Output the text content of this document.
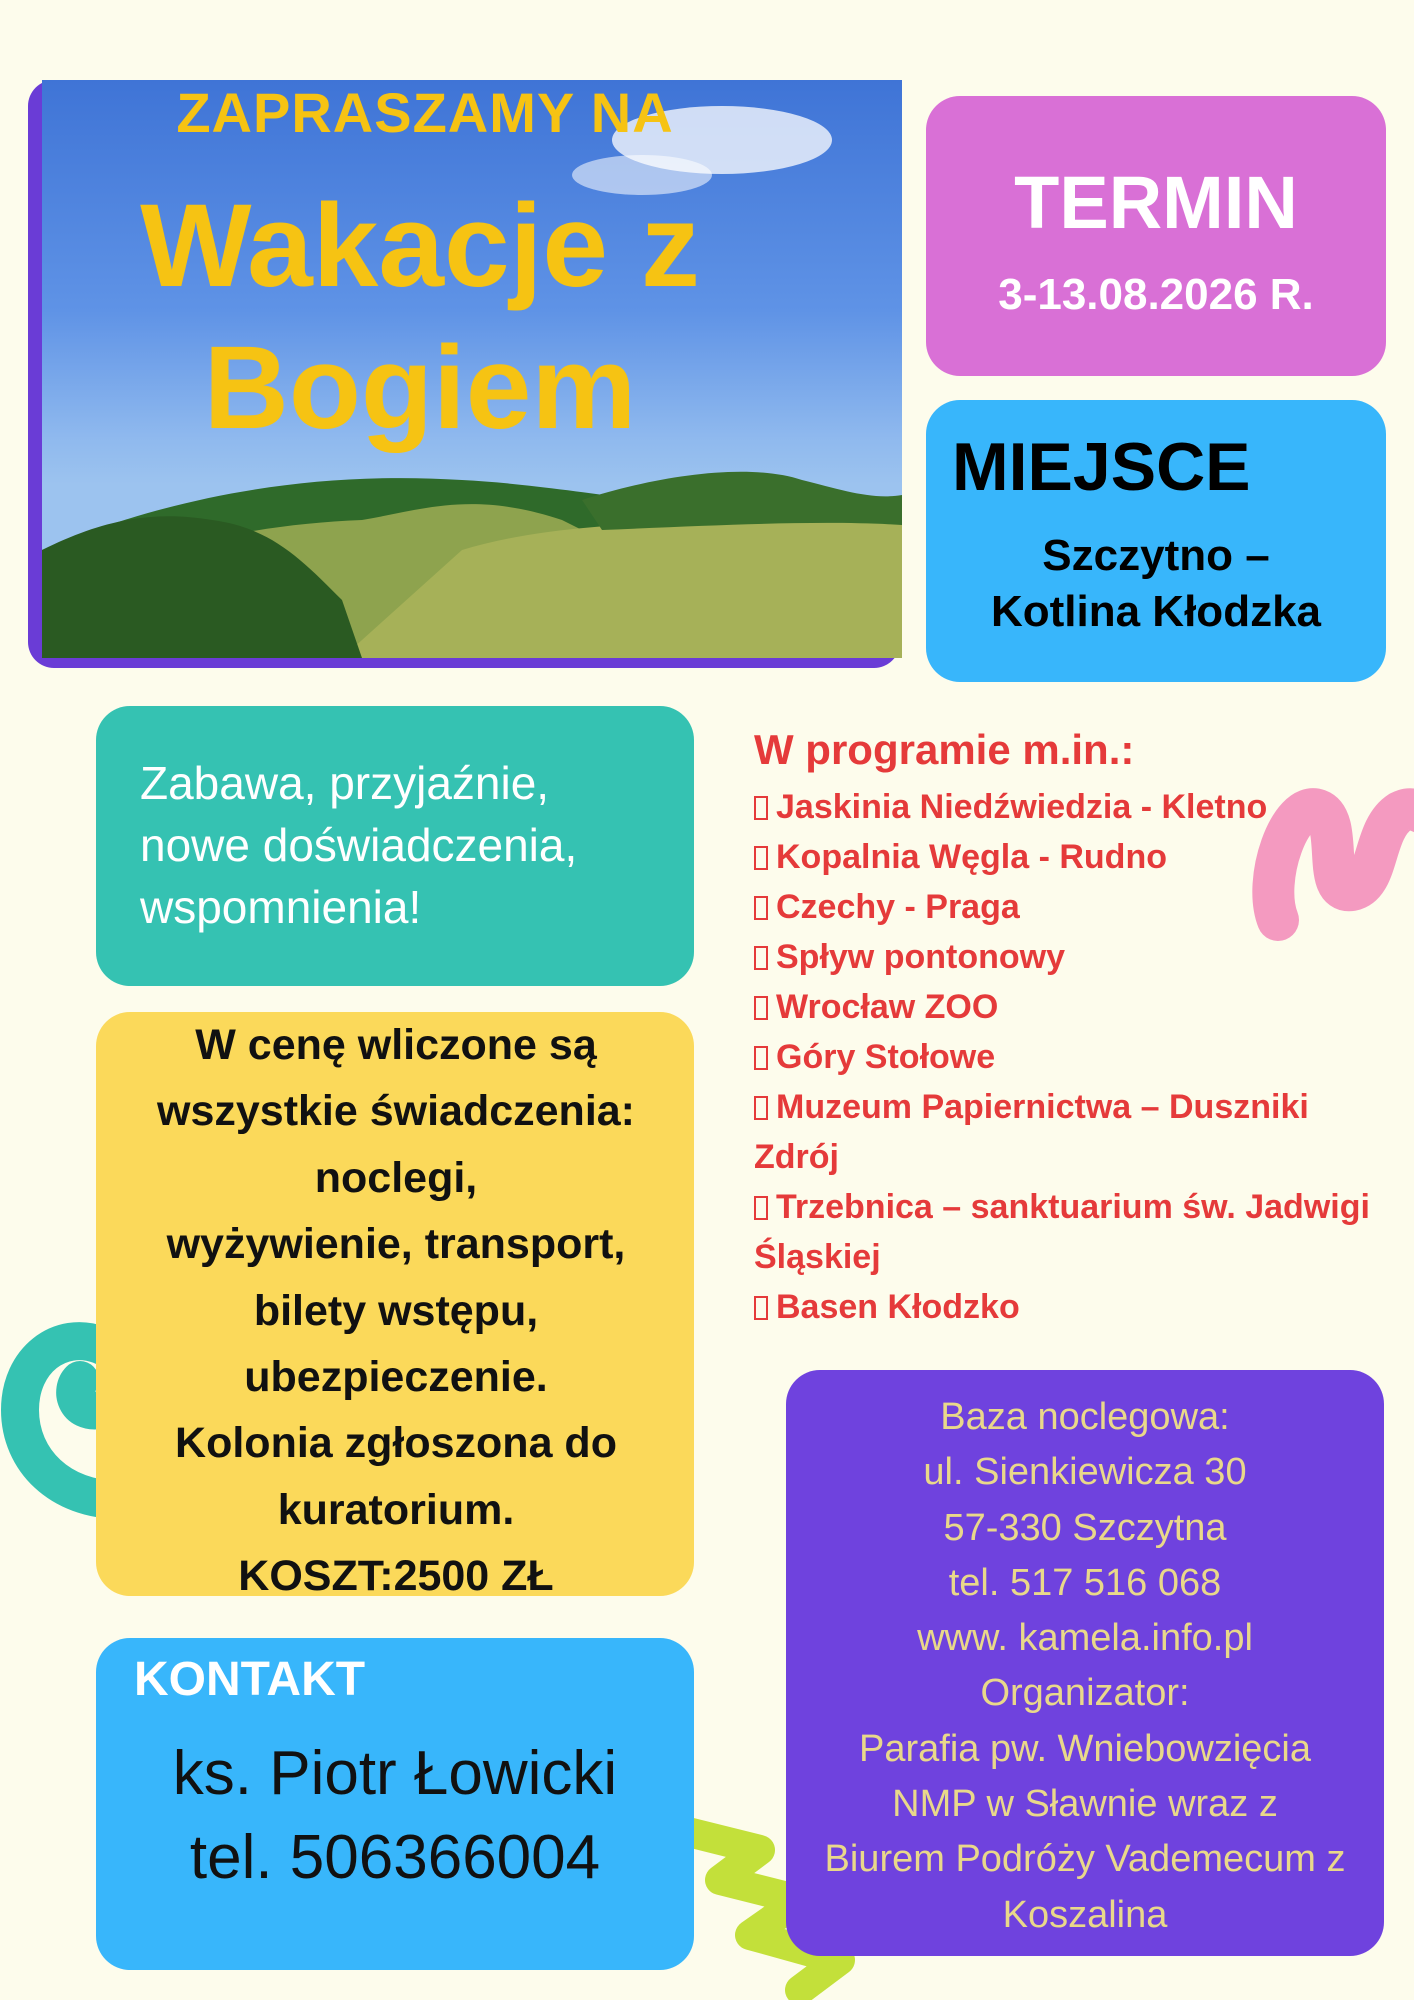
ZAPRASZAMY NA
Wakacje z
Bogiem
TERMIN
3-13.08.2026 R.
MIEJSCE
Szczytno –
Kotlina Kłodzka
Zabawa, przyjaźnie,
nowe doświadczenia,
wspomnienia!
W cenę wliczone są
wszystkie świadczenia:
noclegi,
wyżywienie, transport,
bilety wstępu,
ubezpieczenie.
Kolonia zgłoszona do
kuratorium.
KOSZT:2500 ZŁ
KONTAKT
ks. Piotr Łowicki
tel. 506366004
W programie m.in.:
Jaskinia Niedźwiedzia - Kletno
Kopalnia Węgla - Rudno
Czechy - Praga
Spływ pontonowy
Wrocław ZOO
Góry Stołowe
Muzeum Papiernictwa – Duszniki
Zdrój
Trzebnica – sanktuarium św. Jadwigi
Śląskiej
Basen Kłodzko
Baza noclegowa:
ul. Sienkiewicza 30
57-330 Szczytna
tel. 517 516 068
www. kamela.info.pl
Organizator:
Parafia pw. Wniebowzięcia
NMP w Sławnie wraz z
Biurem Podróży Vademecum z
Koszalina
